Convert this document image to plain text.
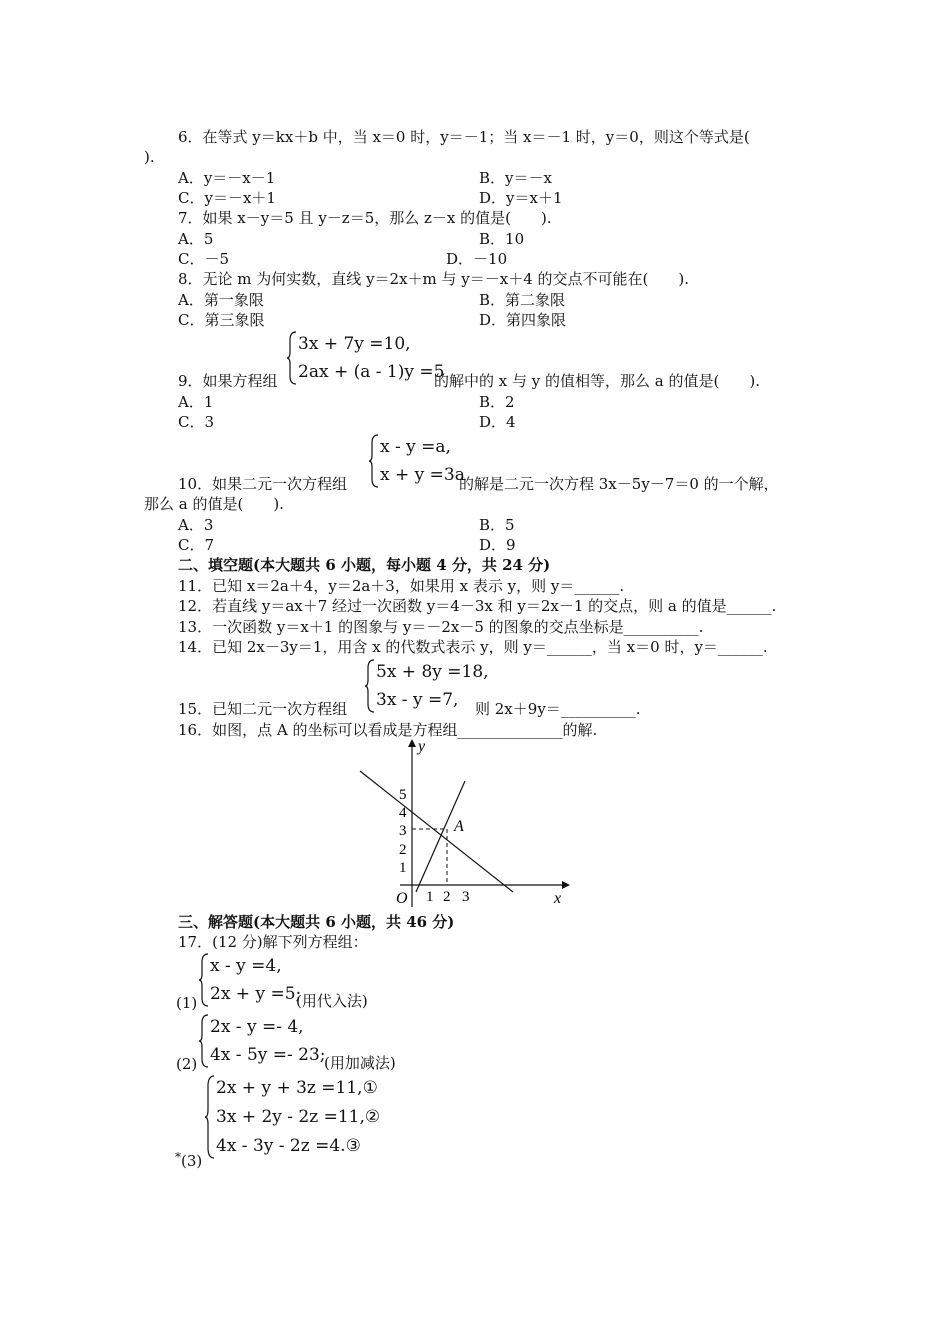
6．在等式 y＝kx＋b 中，当 x＝0 时，y＝－1；当 x＝－1 时，y＝0，则这个等式是(
).
A．y＝－x－1	B．y＝－x
C．y＝－x＋1	D．y＝x＋1
7．如果 x－y＝5 且 y－z＝5，那么 z－x 的值是(　　).
A．5	B．10
C．－5	D．－10
8．无论 m 为何实数，直线 y＝2x＋m 与 y＝－x＋4 的交点不可能在(　　).
A．第一象限	B．第二象限
C．第三象限	D．第四象限
9．如果方程组
3x + 7y =10,
2ax + (a - 1)y =5
的解中的 x 与 y 的值相等，那么 a 的值是(　　).
A．1	B．2
C．3	D．4
10．如果二元一次方程组
x - y =a,
x + y =3a
的解是二元一次方程 3x－5y－7＝0 的一个解，
那么 a 的值是(　　).
A．3	B．5
C．7	D．9
二、填空题(本大题共 6 小题，每小题 4 分，共 24 分)
11．已知 x＝2a＋4，y＝2a＋3，如果用 x 表示 y，则 y＝______.
12．若直线 y＝ax＋7 经过一次函数 y＝4－3x 和 y＝2x－1 的交点，则 a 的值是______.
13．一次函数 y＝x＋1 的图象与 y＝－2x－5 的图象的交点坐标是__________.
14．已知 2x－3y＝1，用含 x 的代数式表示 y，则 y＝______，当 x＝0 时，y＝______.
15．已知二元一次方程组
5x + 8y =18,
3x - y =7, 则 2x＋9y＝__________.
16．如图，点 A 的坐标可以看成是方程组______________的解.
x
y
O
A
1 2 3
1
2
3
4
5
三、解答题(本大题共 6 小题，共 46 分)
17．(12 分)解下列方程组：
(1)
x - y =4,
2x + y =5;
(用代入法)
(2)
2x - y =- 4,
4x - 5y =- 23;
(用加减法)
* (3)
2x + y + 3z =11,①
3x + 2y - 2z =11,②
4x - 3y - 2z =4.③
